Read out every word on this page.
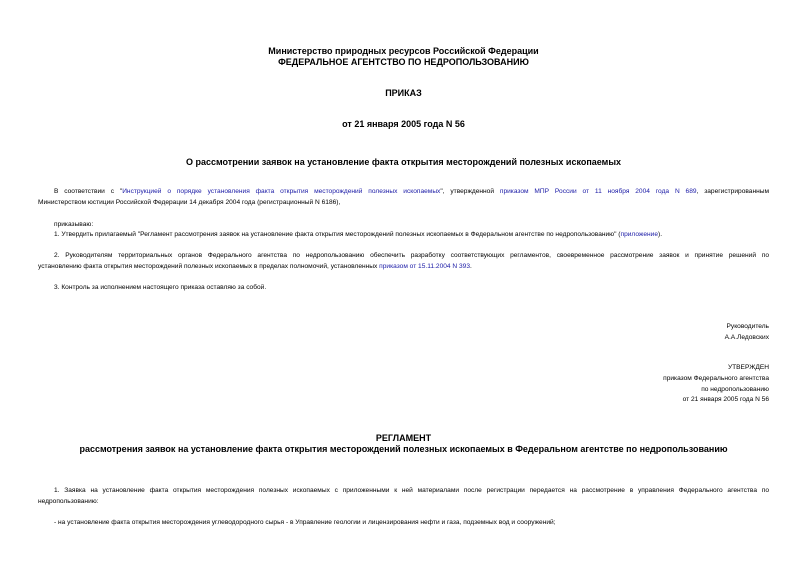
Министерство природных ресурсов Российской Федерации
ФЕДЕРАЛЬНОЕ АГЕНТСТВО ПО НЕДРОПОЛЬЗОВАНИЮ
ПРИКАЗ
от 21 января 2005 года N 56
О рассмотрении заявок на установление факта открытия месторождений полезных ископаемых
В соответствии с "Инструкцией о порядке установления факта открытия месторождений полезных ископаемых", утвержденной приказом МПР России от 11 ноября 2004 года N 689, зарегистрированным
Министерством юстиции Российской Федерации 14 декабря 2004 года (регистрационный N 6186),
приказываю:
1. Утвердить прилагаемый "Регламент рассмотрения заявок на установление факта открытия месторождений полезных ископаемых в Федеральном агентстве по недропользованию" (приложение).
2. Руководителям территориальных органов Федерального агентства по недропользованию обеспечить разработку соответствующих регламентов, своевременное рассмотрение заявок и принятие решений по
установлению факта открытия месторождений полезных ископаемых в пределах полномочий, установленных приказом от 15.11.2004 N 393.
3. Контроль за исполнением настоящего приказа оставляю за собой.
Руководитель
А.А.Ледовских
УТВЕРЖДЕН
приказом Федерального агентства
по недропользованию
от 21 января 2005 года N 56
РЕГЛАМЕНТ
рассмотрения заявок на установление факта открытия месторождений полезных ископаемых в Федеральном агентстве по недропользованию
1. Заявка на установление факта открытия месторождения полезных ископаемых с приложенными к ней материалами после регистрации передается на рассмотрение в управления Федерального агентства по
недропользованию:
- на установление факта открытия месторождения углеводородного сырья - в Управление геологии и лицензирования нефти и газа, подземных вод и сооружений;
